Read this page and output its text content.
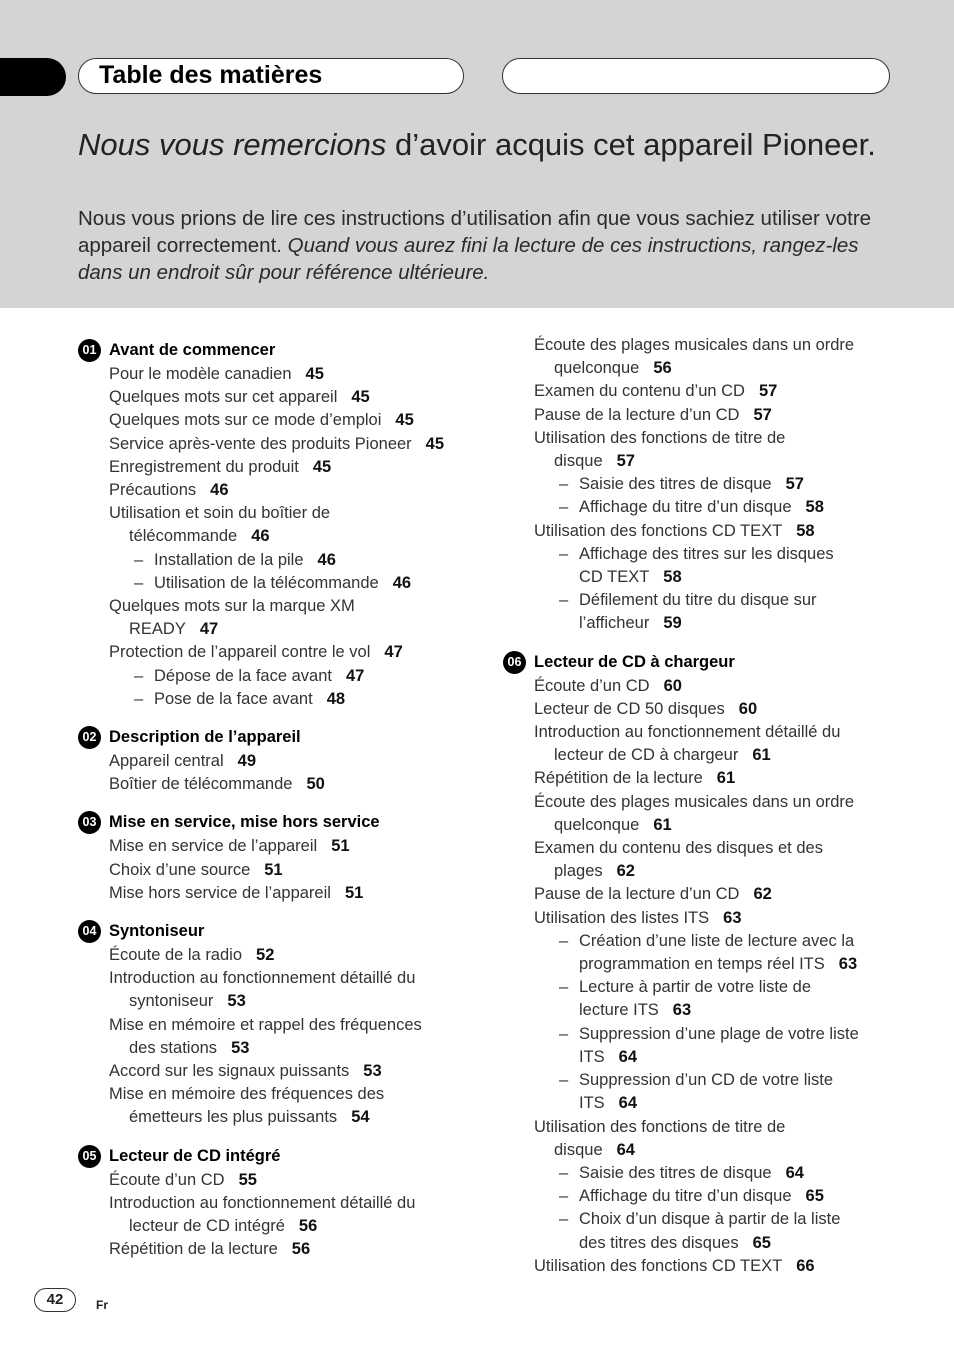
Table des matières
Nous vous remercions d’avoir acquis cet appareil Pioneer.
Nous vous prions de lire ces instructions d’utilisation afin que vous sachiez utiliser votre appareil correctement. Quand vous aurez fini la lecture de ces instructions, rangez-les dans un endroit sûr pour référence ultérieure.
01 Avant de commencer
Pour le modèle canadien 45
Quelques mots sur cet appareil 45
Quelques mots sur ce mode d’emploi 45
Service après-vente des produits Pioneer 45
Enregistrement du produit 45
Précautions 46
Utilisation et soin du boîtier de
télécommande 46
– Installation de la pile 46
– Utilisation de la télécommande 46
Quelques mots sur la marque XM
READY 47
Protection de l’appareil contre le vol 47
– Dépose de la face avant 47
– Pose de la face avant 48
02 Description de l’appareil
Appareil central 49
Boîtier de télécommande 50
03 Mise en service, mise hors service
Mise en service de l’appareil 51
Choix d’une source 51
Mise hors service de l’appareil 51
04 Syntoniseur
Écoute de la radio 52
Introduction au fonctionnement détaillé du
syntoniseur 53
Mise en mémoire et rappel des fréquences
des stations 53
Accord sur les signaux puissants 53
Mise en mémoire des fréquences des
émetteurs les plus puissants 54
05 Lecteur de CD intégré
Écoute d’un CD 55
Introduction au fonctionnement détaillé du
lecteur de CD intégré 56
Répétition de la lecture 56
Écoute des plages musicales dans un ordre
quelconque 56
Examen du contenu d’un CD 57
Pause de la lecture d’un CD 57
Utilisation des fonctions de titre de
disque 57
– Saisie des titres de disque 57
– Affichage du titre d’un disque 58
Utilisation des fonctions CD TEXT 58
– Affichage des titres sur les disques
CD TEXT 58
– Défilement du titre du disque sur
l’afficheur 59
06 Lecteur de CD à chargeur
Écoute d’un CD 60
Lecteur de CD 50 disques 60
Introduction au fonctionnement détaillé du
lecteur de CD à chargeur 61
Répétition de la lecture 61
Écoute des plages musicales dans un ordre
quelconque 61
Examen du contenu des disques et des
plages 62
Pause de la lecture d’un CD 62
Utilisation des listes ITS 63
– Création d’une liste de lecture avec la
programmation en temps réel ITS 63
– Lecture à partir de votre liste de
lecture ITS 63
– Suppression d’une plage de votre liste
ITS 64
– Suppression d’un CD de votre liste
ITS 64
Utilisation des fonctions de titre de
disque 64
– Saisie des titres de disque 64
– Affichage du titre d’un disque 65
– Choix d’un disque à partir de la liste
des titres des disques 65
Utilisation des fonctions CD TEXT 66
42	Fr
